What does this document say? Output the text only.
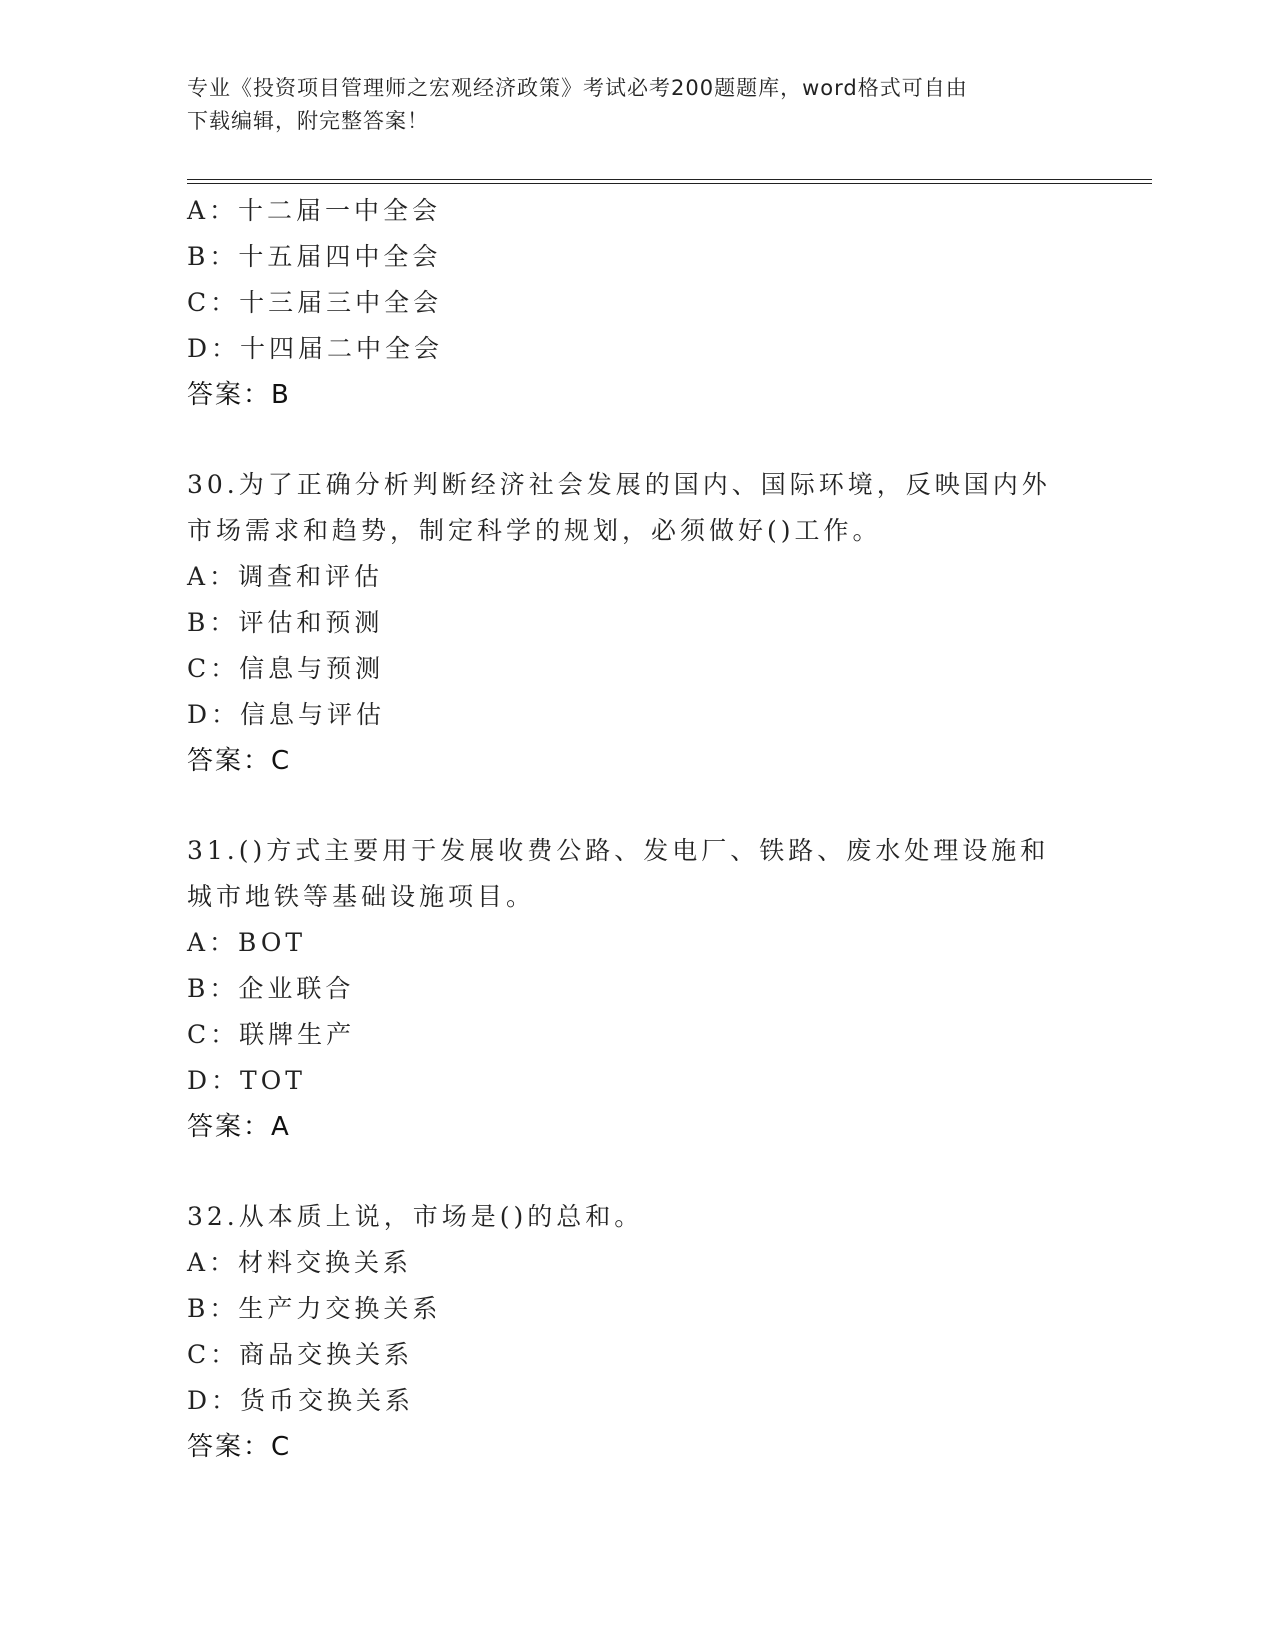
专业《投资项目管理师之宏观经济政策》考试必考200题题库，word格式可自由
下载编辑，附完整答案！
A：十二届一中全会
B：十五届四中全会
C：十三届三中全会
D：十四届二中全会
答案：B
30.为了正确分析判断经济社会发展的国内、国际环境，反映国内外市场需求和趋势，制定科学的规划，必须做好()工作。
A：调查和评估
B：评估和预测
C：信息与预测
D：信息与评估
答案：C
31.()方式主要用于发展收费公路、发电厂、铁路、废水处理设施和城市地铁等基础设施项目。
A：BOT
B：企业联合
C：联牌生产
D：TOT
答案：A
32.从本质上说，市场是()的总和。
A：材料交换关系
B：生产力交换关系
C：商品交换关系
D：货币交换关系
答案：C
